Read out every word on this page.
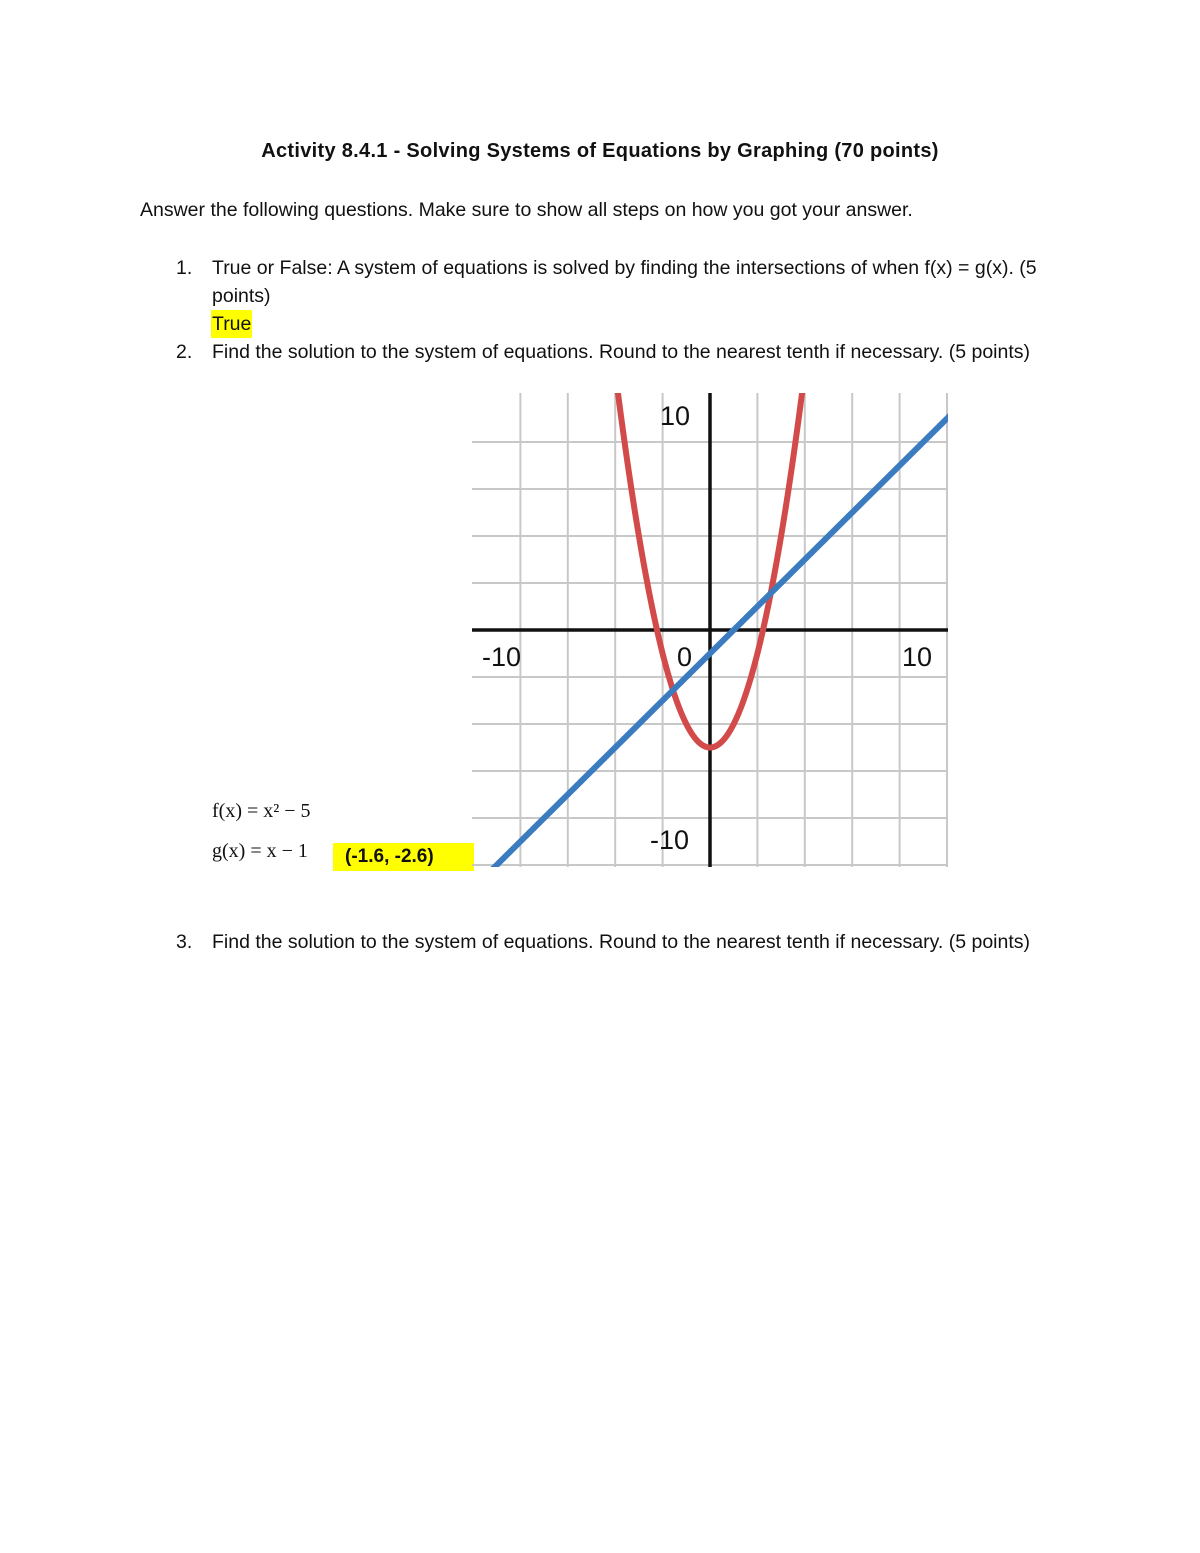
Activity 8.4.1 - Solving Systems of Equations by Graphing (70 points)
Answer the following questions. Make sure to show all steps on how you got your answer.
1. True or False: A system of equations is solved by finding the intersections of when f(x) = g(x). (5 points)
True
2. Find the solution to the system of equations. Round to the nearest tenth if necessary. (5 points)
f(x) = x² − 5
g(x) = x − 1	(-1.6, -2.6)
-10	0	10
10
-10
3. Find the solution to the system of equations. Round to the nearest tenth if necessary. (5 points)
